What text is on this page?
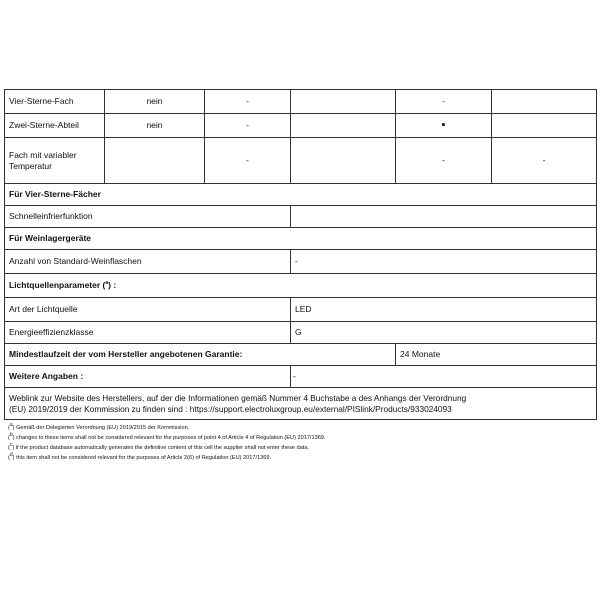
Vier-Sterne-Fach	nein	-		-	
Zwei-Sterne-Abteil	nein	-		▪	
Fach mit variabler Temperatur		-		-	-
Für Vier-Sterne-Fächer					
Schnelleinfrierfunktion					
Für Weinlagergeräte					
Anzahl von Standard-Weinflaschen			-		
Lichtquellenparameter ($^a$) :					
Art der Lichtquelle			LED		
Energieeffizienzklasse			G		
Mindestlaufzeit der vom Hersteller angebotenen Garantie:				24 Monate	
Weitere Angaben :			-		

Weblink zur Website des Herstellers, auf der die Informationen gemäß Nummer 4 Buchstabe a des Anhangs der Verordnung
(EU) 2019/2019 der Kommission zu finden sind : https://support.electroluxgroup.eu/external/PISlink/Products/933024093					
($^a$) Gemäß der Delegierten Verordnung (EU) 2019/2015 der Kommission.
($^b$) changes to these items shall not be considered relevant for the purposes of point 4 of Article 4 of Regulation (EU) 2017/1369.
($^c$) if the product database automatically generates the definitive content of this cell the supplier shall not enter these data.
($^d$) this item shall not be considered relevant for the purposes of Article 2(6) of Regulation (EU) 2017/1369.
